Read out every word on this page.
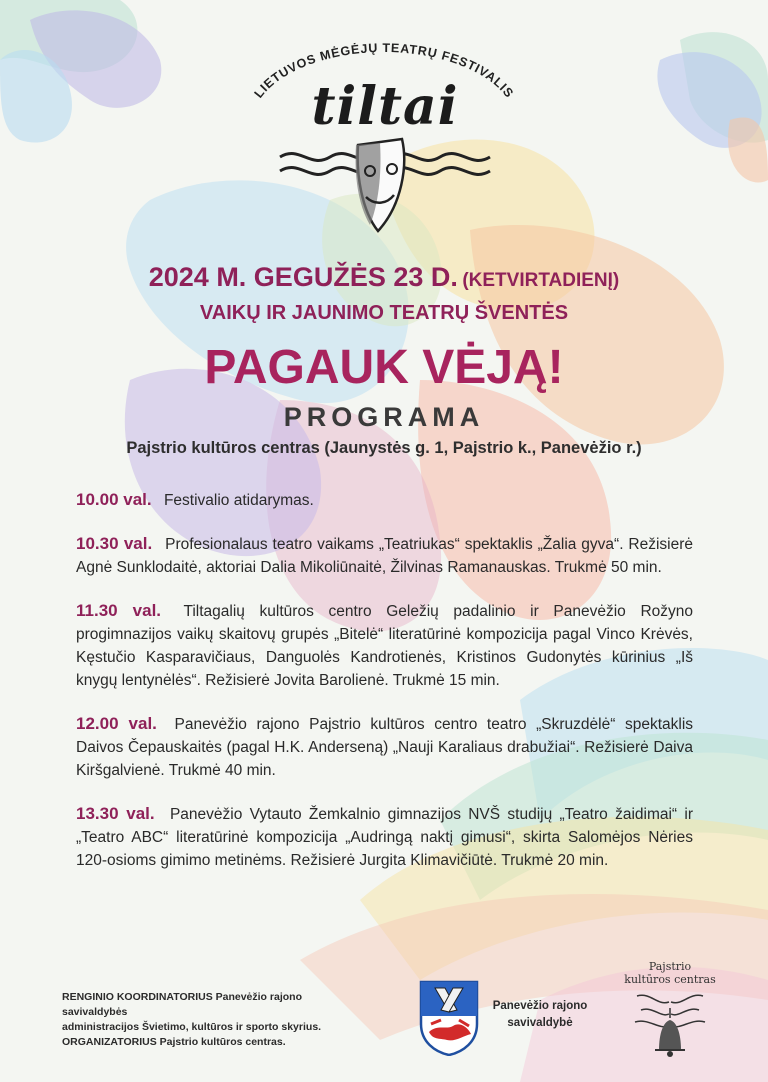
LIETUVOS MĖGĖJŲ TEATRŲ FESTIVALIS
tiltai
2024 M. GEGUŽĖS 23 D. (KETVIRTADIENĮ)
VAIKŲ IR JAUNIMO TEATRŲ ŠVENTĖS
PAGAUK VĖJĄ!
PROGRAMA
Pajstrio kultūros centras (Jaunystės g. 1, Pajstrio k., Panevėžio r.)
10.00 val. Festivalio atidarymas.
10.30 val. Profesionalaus teatro vaikams „Teatriukas“ spektaklis „Žalia gyva“. Režisierė Agnė Sunklodaitė, aktoriai Dalia Mikoliūnaitė, Žilvinas Ramanauskas. Trukmė 50 min.
11.30 val. Tiltagalių kultūros centro Geležių padalinio ir Panevėžio Rožyno progimnazijos vaikų skaitovų grupės „Bitelė“ literatūrinė kompozicija pagal Vinco Krėvės, Kęstučio Kasparavičiaus, Danguolės Kandrotienės, Kristinos Gudonytės kūrinius „Iš knygų lentynėlės“. Režisierė Jovita Barolienė. Trukmė 15 min.
12.00 val. Panevėžio rajono Pajstrio kultūros centro teatro „Skruzdėlė“ spektaklis Daivos Čepauskaitės (pagal H.K. Anderseną) „Nauji Karaliaus drabužiai“. Režisierė Daiva Kiršgalvienė. Trukmė 40 min.
13.30 val. Panevėžio Vytauto Žemkalnio gimnazijos NVŠ studijų „Teatro žaidimai“ ir „Teatro ABC“ literatūrinė kompozicija „Audringą naktį gimusi“, skirta Salomėjos Nėries 120-osioms gimimo metinėms. Režisierė Jurgita Klimavičiūtė. Trukmė 20 min.
RENGINIO KOORDINATORIUS Panevėžio rajono savivaldybės
administracijos Švietimo, kultūros ir sporto skyrius.
ORGANIZATORIUS Pajstrio kultūros centras.
Panevėžio rajono
savivaldybė
Pajstrio
kultūros centras
